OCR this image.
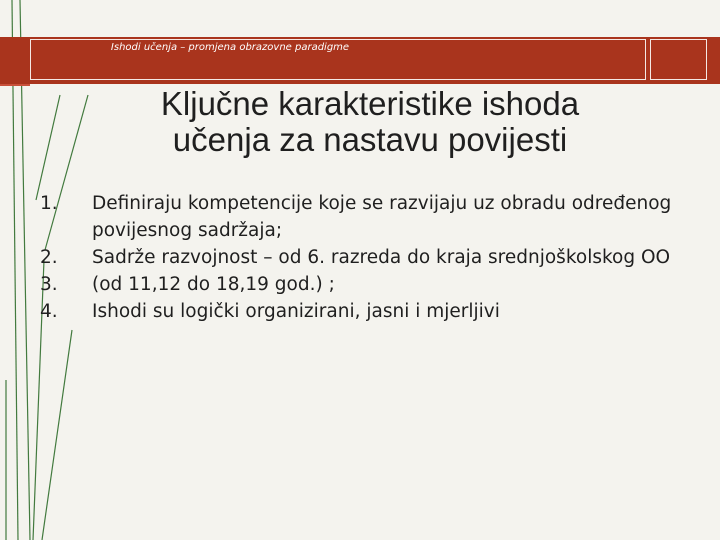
Ishodi učenja – promjena obrazovne paradigme
Ključne karakteristike ishoda
učenja za nastavu povijesti
1.	Definiraju kompetencije koje se razvijaju uz obradu određenog povijesnog sadržaja;
2.	Sadrže razvojnost – od 6. razreda do kraja srednjoškolskog OO
3.	(od 11,12 do 18,19 god.) ;
4.	Ishodi su logički organizirani, jasni i mjerljivi
